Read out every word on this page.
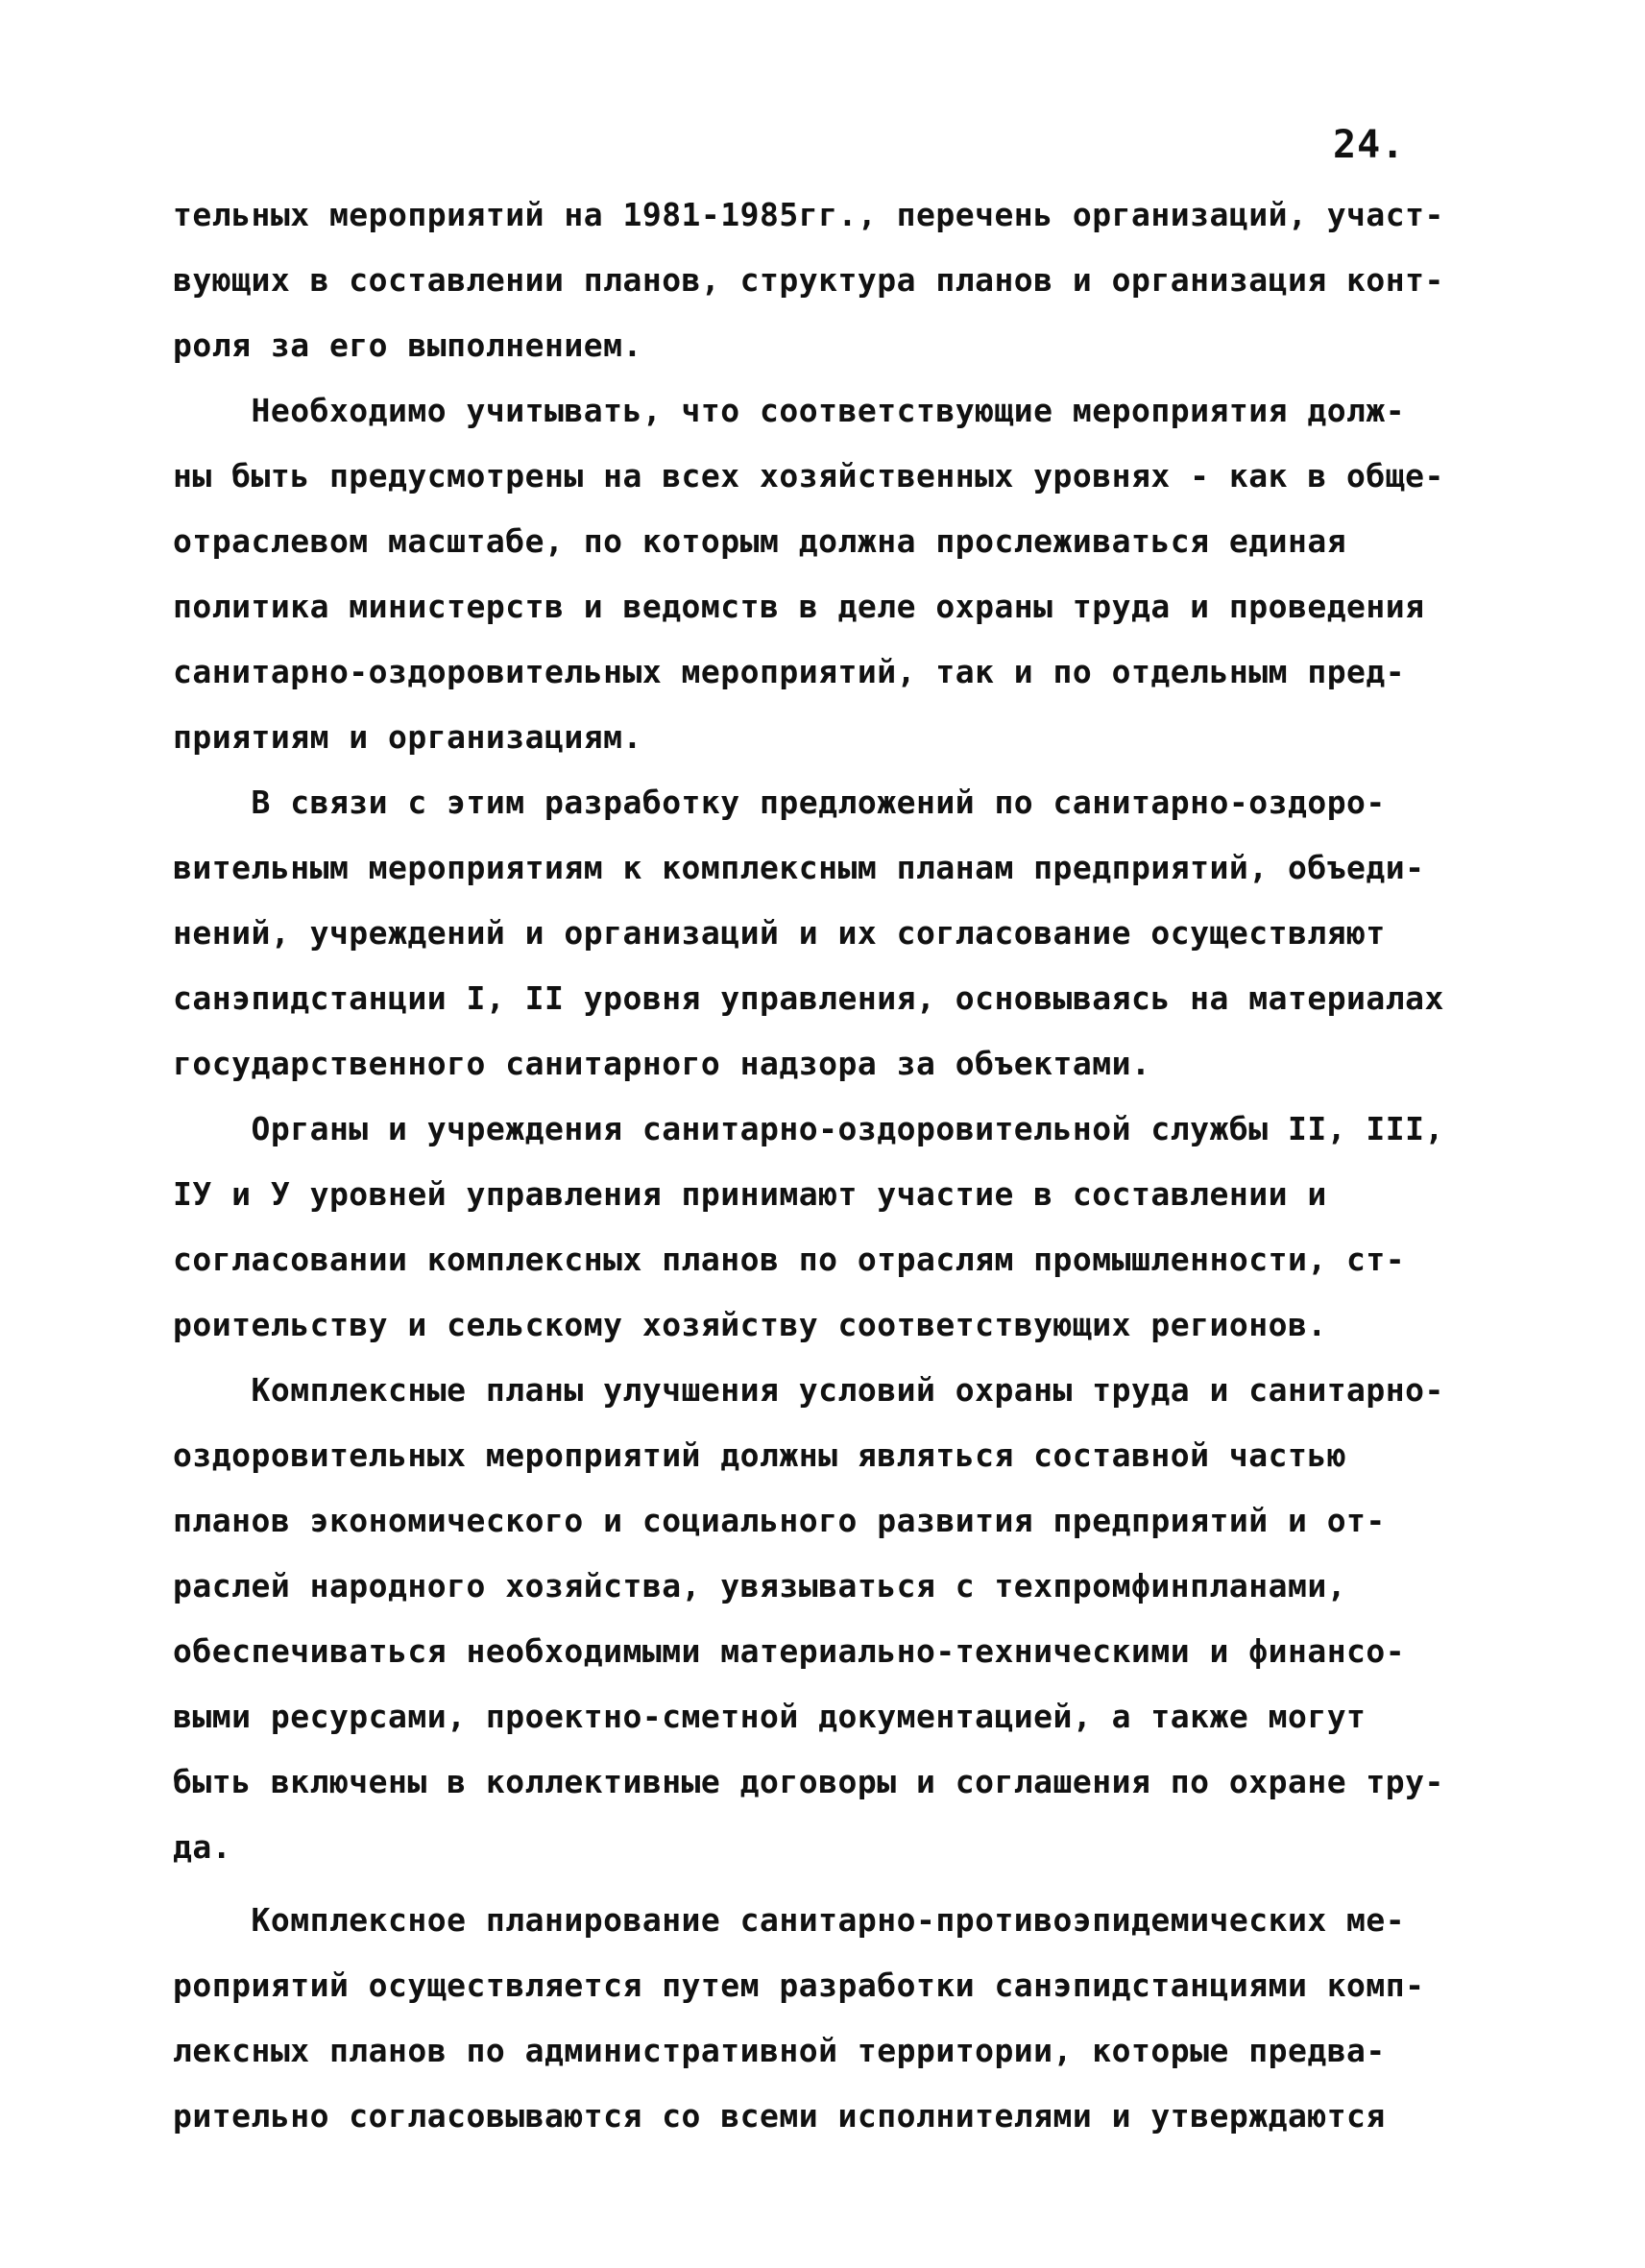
24.
тельных мероприятий на 1981-1985гг., перечень организаций, участ-
вующих в составлении планов, структура планов и организация конт-
роля за его выполнением.
Необходимо учитывать, что соответствующие мероприятия долж-
ны быть предусмотрены на всех хозяйственных уровнях - как в обще-
отраслевом масштабе, по которым должна прослеживаться единая
политика министерств и ведомств в деле охраны труда и проведения
санитарно-оздоровительных мероприятий, так и по отдельным пред-
приятиям и организациям.
В связи с этим разработку предложений по санитарно-оздоро-
вительным мероприятиям к комплексным планам предприятий, объеди-
нений, учреждений и организаций и их согласование осуществляют
санэпидстанции I, II уровня управления, основываясь на материалах
государственного санитарного надзора за объектами.
Органы и учреждения санитарно-оздоровительной службы II, III,
IУ и У уровней управления принимают участие в составлении и
согласовании комплексных планов по отраслям промышленности, ст-
роительству и сельскому хозяйству соответствующих регионов.
Комплексные планы улучшения условий охраны труда и санитарно-
оздоровительных мероприятий должны являться составной частью
планов экономического и социального развития предприятий и от-
раслей народного хозяйства, увязываться с техпромфинпланами,
обеспечиваться необходимыми материально-техническими и финансо-
выми ресурсами, проектно-сметной документацией, а также могут
быть включены в коллективные договоры и соглашения по охране тру-
да.
Комплексное планирование санитарно-противоэпидемических ме-
роприятий осуществляется путем разработки санэпидстанциями комп-
лексных планов по административной территории, которые предва-
рительно согласовываются со всеми исполнителями и утверждаются
